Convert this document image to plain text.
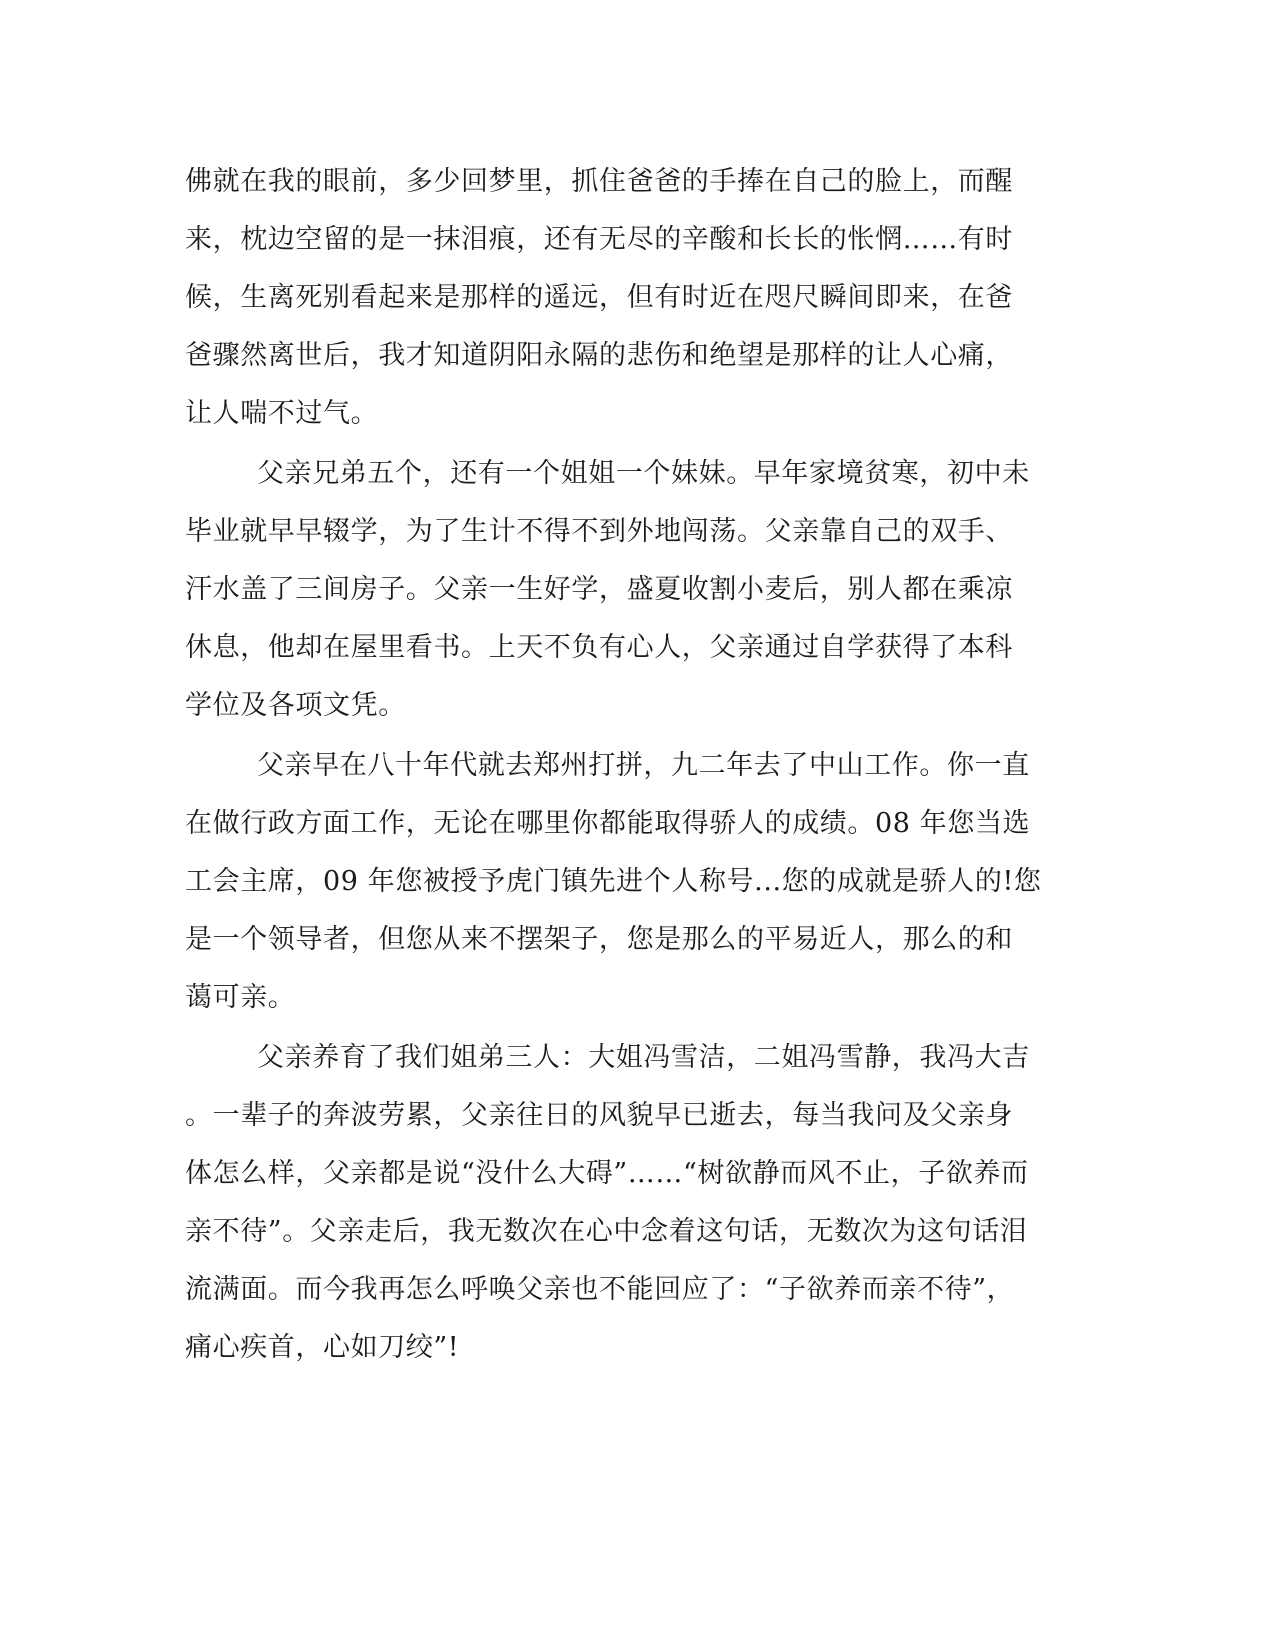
佛就在我的眼前，多少回梦里，抓住爸爸的手捧在自己的脸上，而醒
来，枕边空留的是一抹泪痕，还有无尽的辛酸和长长的怅惘……有时
候，生离死别看起来是那样的遥远，但有时近在咫尺瞬间即来，在爸
爸骤然离世后，我才知道阴阳永隔的悲伤和绝望是那样的让人心痛，
让人喘不过气。
父亲兄弟五个，还有一个姐姐一个妹妹。早年家境贫寒，初中未
毕业就早早辍学，为了生计不得不到外地闯荡。父亲靠自己的双手、
汗水盖了三间房子。父亲一生好学，盛夏收割小麦后，别人都在乘凉
休息，他却在屋里看书。上天不负有心人，父亲通过自学获得了本科
学位及各项文凭。
父亲早在八十年代就去郑州打拼，九二年去了中山工作。你一直
在做行政方面工作，无论在哪里你都能取得骄人的成绩。08 年您当选
工会主席，09 年您被授予虎门镇先进个人称号...您的成就是骄人的!您
是一个领导者，但您从来不摆架子，您是那么的平易近人，那么的和
蔼可亲。
父亲养育了我们姐弟三人：大姐冯雪洁，二姐冯雪静，我冯大吉
。一辈子的奔波劳累，父亲往日的风貌早已逝去，每当我问及父亲身
体怎么样，父亲都是说“没什么大碍”……“树欲静而风不止，子欲养而
亲不待”。父亲走后，我无数次在心中念着这句话，无数次为这句话泪
流满面。而今我再怎么呼唤父亲也不能回应了：“子欲养而亲不待”，
痛心疾首，心如刀绞”!
